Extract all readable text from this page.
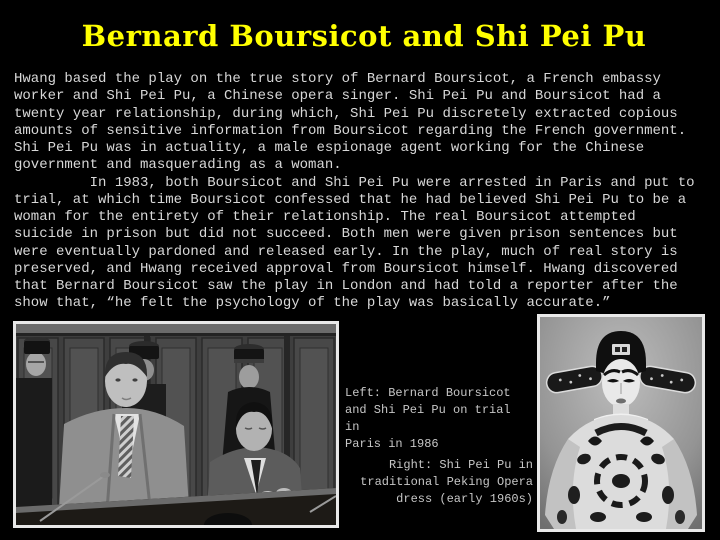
Bernard Boursicot and Shi Pei Pu
Hwang based the play on the true story of Bernard Boursicot, a French embassy
worker and Shi Pei Pu, a Chinese opera singer. Shi Pei Pu and Boursicot had a
twenty year relationship, during which, Shi Pei Pu discretely extracted copious
amounts of sensitive information from Boursicot regarding the French government.
Shi Pei Pu was in actuality, a male espionage agent working for the Chinese
government and masquerading as a woman.
In 1983, both Boursicot and Shi Pei Pu were arrested in Paris and put to
trial, at which time Boursicot confessed that he had believed Shi Pei Pu to be a
woman for the entirety of their relationship. The real Boursicot attempted
suicide in prison but did not succeed. Both men were given prison sentences but
were eventually pardoned and released early. In the play, much of real story is
preserved, and Hwang received approval from Boursicot himself. Hwang discovered
that Bernard Boursicot saw the play in London and had told a reporter after the
show that, “he felt the psychology of the play was basically accurate.”
Left: Bernard Boursicot
and Shi Pei Pu on trial
in
Paris in 1986
Right: Shi Pei Pu in
traditional Peking Opera
dress (early 1960s)
